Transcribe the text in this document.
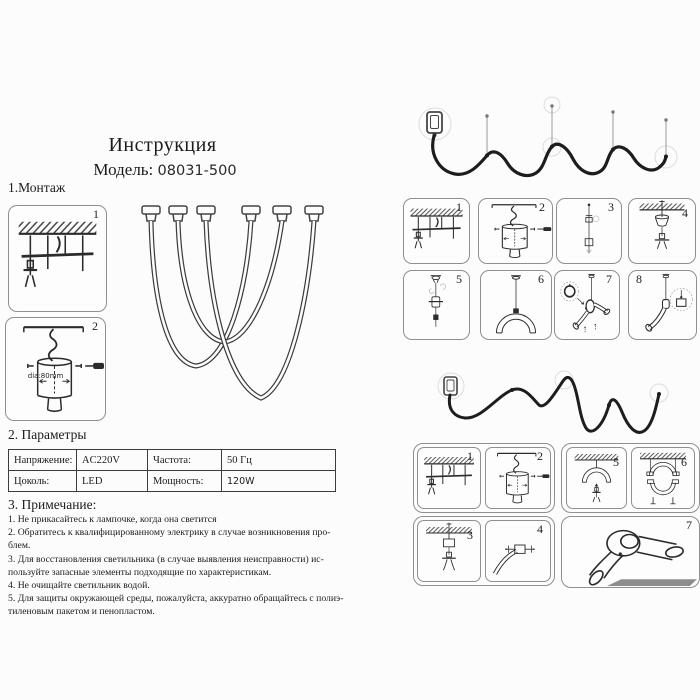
Инструкция
Модель: 08031-500
1.Монтаж
1
dia:80mm
2
2. Параметры
Напряжение:	AC220V	Частота:	50 Гц
Цоколь:	LED	Мощность:	120W
3. Примечание:
1. Не прикасайтесь к лампочке, когда она светится
2. Обратитесь к квалифицированному электрику в случае возникновения про-
блем.
3. Для восстановления светильника (в случае выявления неисправности) ис-
пользуйте запасные элементы подходящие по характеристикам.
4. Не очищайте светильник водой.
5. Для защиты окружающей среды, пожалуйста, аккуратно обращайтесь с полиэ-
тиленовым пакетом и пенопластом.
1	2	3	4
5	6	7 8
1	2	5	6
3	4	7
